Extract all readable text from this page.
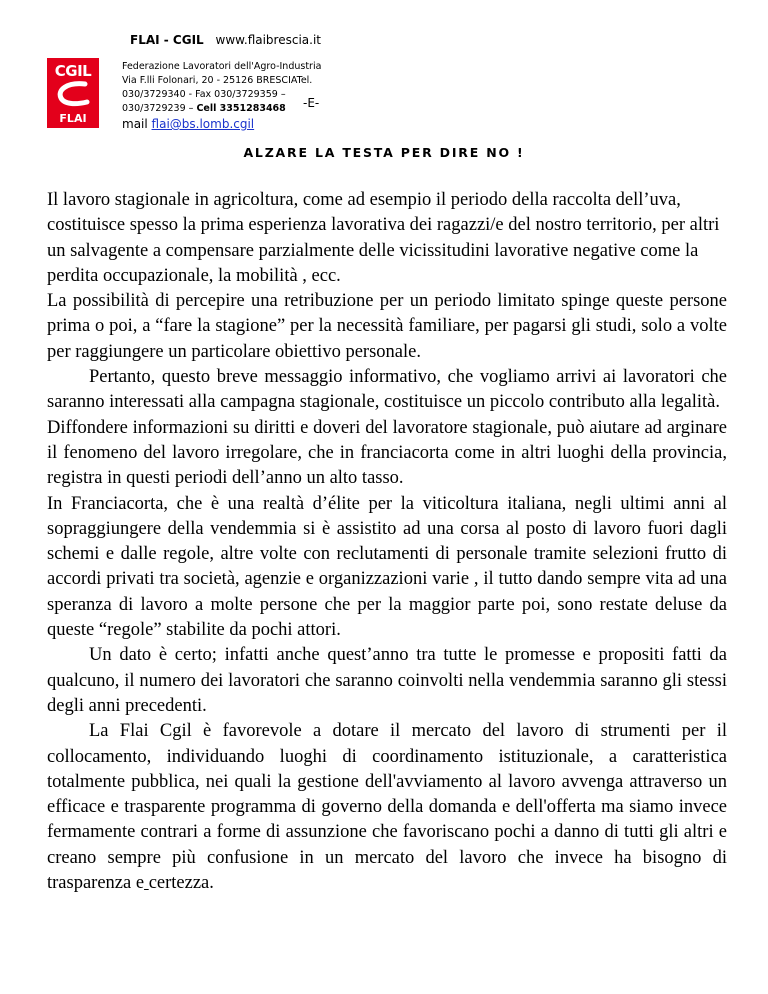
FLAI - CGIL www.flaibrescia.it
CGIL
FLAI
Federazione Lavoratori dell'Agro-Industria
Via F.lli Folonari, 20 - 25126 BRESCIATel.
030/3729340 - Fax 030/3729359 –
030/3729239 – Cell 3351283468
mail flai@bs.lomb.cgil
-E-
ALZARE LA TESTA PER DIRE NO !

Il lavoro stagionale in agricoltura, come ad esempio il periodo della raccolta dell’uva, costituisce spesso la prima esperienza lavorativa dei ragazzi/e del nostro territorio, per altri un salvagente a compensare parzialmente delle vicissitudini lavorative negative come la perdita occupazionale, la mobilità , ecc.

La possibilità di percepire una retribuzione per un periodo limitato spinge queste persone prima o poi, a “fare la stagione” per la necessità familiare, per pagarsi gli studi, solo a volte per raggiungere un particolare obiettivo personale.

Pertanto, questo breve messaggio informativo, che vogliamo arrivi ai lavoratori che saranno interessati alla campagna stagionale, costituisce un piccolo contributo alla legalità.

Diffondere informazioni su diritti e doveri del lavoratore stagionale, può aiutare ad arginare il fenomeno del lavoro irregolare, che in franciacorta come in altri luoghi della provincia, registra in questi periodi dell’anno un alto tasso.

In Franciacorta, che è una realtà d’élite per la viticoltura italiana, negli ultimi anni al sopraggiungere della vendemmia si è assistito ad una corsa al posto di lavoro fuori dagli schemi e dalle regole, altre volte con reclutamenti di personale tramite selezioni frutto di accordi privati tra società, agenzie e organizzazioni varie , il tutto dando sempre vita ad una speranza di lavoro a molte persone che per la maggior parte poi, sono restate deluse da queste “regole” stabilite da pochi attori.

Un dato è certo; infatti anche quest’anno tra tutte le promesse e propositi fatti da qualcuno, il numero dei lavoratori che saranno coinvolti nella vendemmia saranno gli stessi degli anni precedenti.

La Flai Cgil è favorevole a dotare il mercato del lavoro di strumenti per il collocamento, individuando luoghi di coordinamento istituzionale, a caratteristica totalmente pubblica, nei quali la gestione dell'avviamento al lavoro avvenga attraverso un efficace e trasparente programma di governo della domanda e dell'offerta ma siamo invece fermamente contrari a forme di assunzione che favoriscano pochi a danno di tutti gli altri e creano sempre più confusione in un mercato del lavoro che invece ha bisogno di trasparenza e certezza.
